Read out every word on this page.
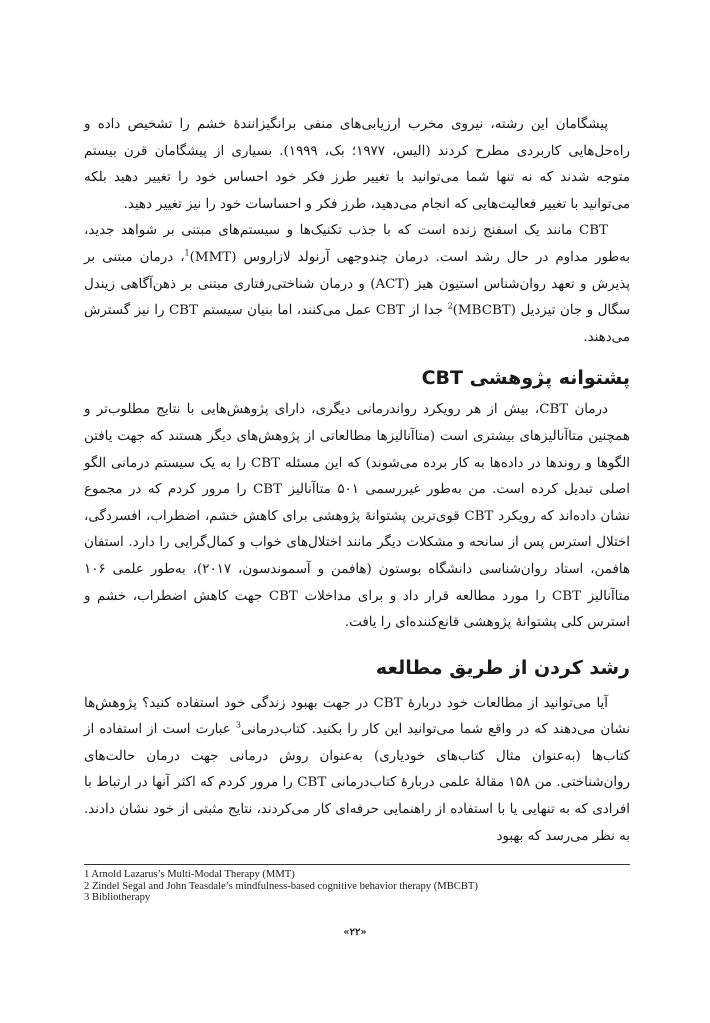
پیشگامان این رشته، نیروی مخرب ارزیابی‌های منفی برانگیزانندهٔ خشم را تشخیص داده و راه‌حل‌هایی کاربردی مطرح کردند (الیس، ۱۹۷۷؛ بک، ۱۹۹۹). بسیاری از پیشگامان قرن بیستم متوجه شدند که نه تنها شما می‌توانید با تغییر طرز فکر خود احساس خود را تغییر دهید بلکه می‌توانید با تغییر فعالیت‌هایی که انجام می‌دهید، طرز فکر و احساسات خود را نیز تغییر دهید.

CBT مانند یک اسفنج زنده است که با جذب تکنیک‌ها و سیستم‌های مبتنی بر شواهد جدید، به‌طور مداوم در حال رشد است. درمان چندوجهی آرنولد لازاروس (MMT)$^1$، درمان مبتنی بر پذیرش و تعهد روان‌شناس استیون هیز (ACT) و درمان شناختی‌رفتاری مبتنی بر ذهن‌آگاهی زیندل سگال و جان تیزدیل (MBCBT)$^2$ جدا از CBT عمل می‌کنند، اما بنیان سیستم CBT را نیز گسترش می‌دهند.

پشتوانه پژوهشی CBT

درمان CBT، بیش از هر رویکرد رواندرمانی دیگری، دارای پژوهش‌هایی با نتایج مطلوب‌تر و همچنین متاآنالیزهای بیشتری است (متاآنالیزها مطالعاتی از پژوهش‌های دیگر هستند که جهت یافتن الگوها و روندها در داده‌ها به کار برده می‌شوند) که این مسئله CBT را به یک سیستم درمانی الگو اصلی تبدیل کرده است. من به‌طور غیررسمی ۵۰۱ متاآنالیز CBT را مرور کردم که در مجموع نشان داده‌اند که رویکرد CBT قوی‌ترین پشتوانهٔ پژوهشی برای کاهش خشم، اضطراب، افسردگی، اختلال استرس پس از سانحه و مشکلات دیگر مانند اختلال‌های خواب و کمال‌گرایی را دارد. استفان هافمن، استاد روان‌شناسی دانشگاه بوستون (هافمن و آسموندسون، ۲۰۱۷)، به‌طور علمی ۱۰۶ متاآنالیز CBT را مورد مطالعه قرار داد و برای مداخلات CBT جهت کاهش اضطراب، خشم و استرس کلی پشتوانهٔ پژوهشی قانع‌کننده‌ای را یافت.

رشد کردن از طریق مطالعه

آیا می‌توانید از مطالعات خود دربارهٔ CBT در جهت بهبود زندگی خود استفاده کنید؟ پژوهش‌ها نشان می‌دهند که در واقع شما می‌توانید این کار را بکنید. کتاب‌درمانی$^3$ عبارت است از استفاده از کتاب‌ها (به‌عنوان مثال کتاب‌های خودیاری) به‌عنوان روش درمانی جهت درمان حالت‌های روان‌شناختی. من ۱۵۸ مقالهٔ علمی دربارهٔ کتاب‌درمانی CBT را مرور کردم که اکثر آنها در ارتباط با افرادی که به تنهایی یا با استفاده از راهنمایی حرفه‌ای کار می‌کردند، نتایج مثبتی از خود نشان دادند. به نظر می‌رسد که بهبود

1 Arnold Lazarus’s Multi-Modal Therapy (MMT)
2 Zindel Segal and John Teasdale’s mindfulness-based cognitive behavior therapy (MBCBT)
3 Bibliotherapy
«۲۲»
